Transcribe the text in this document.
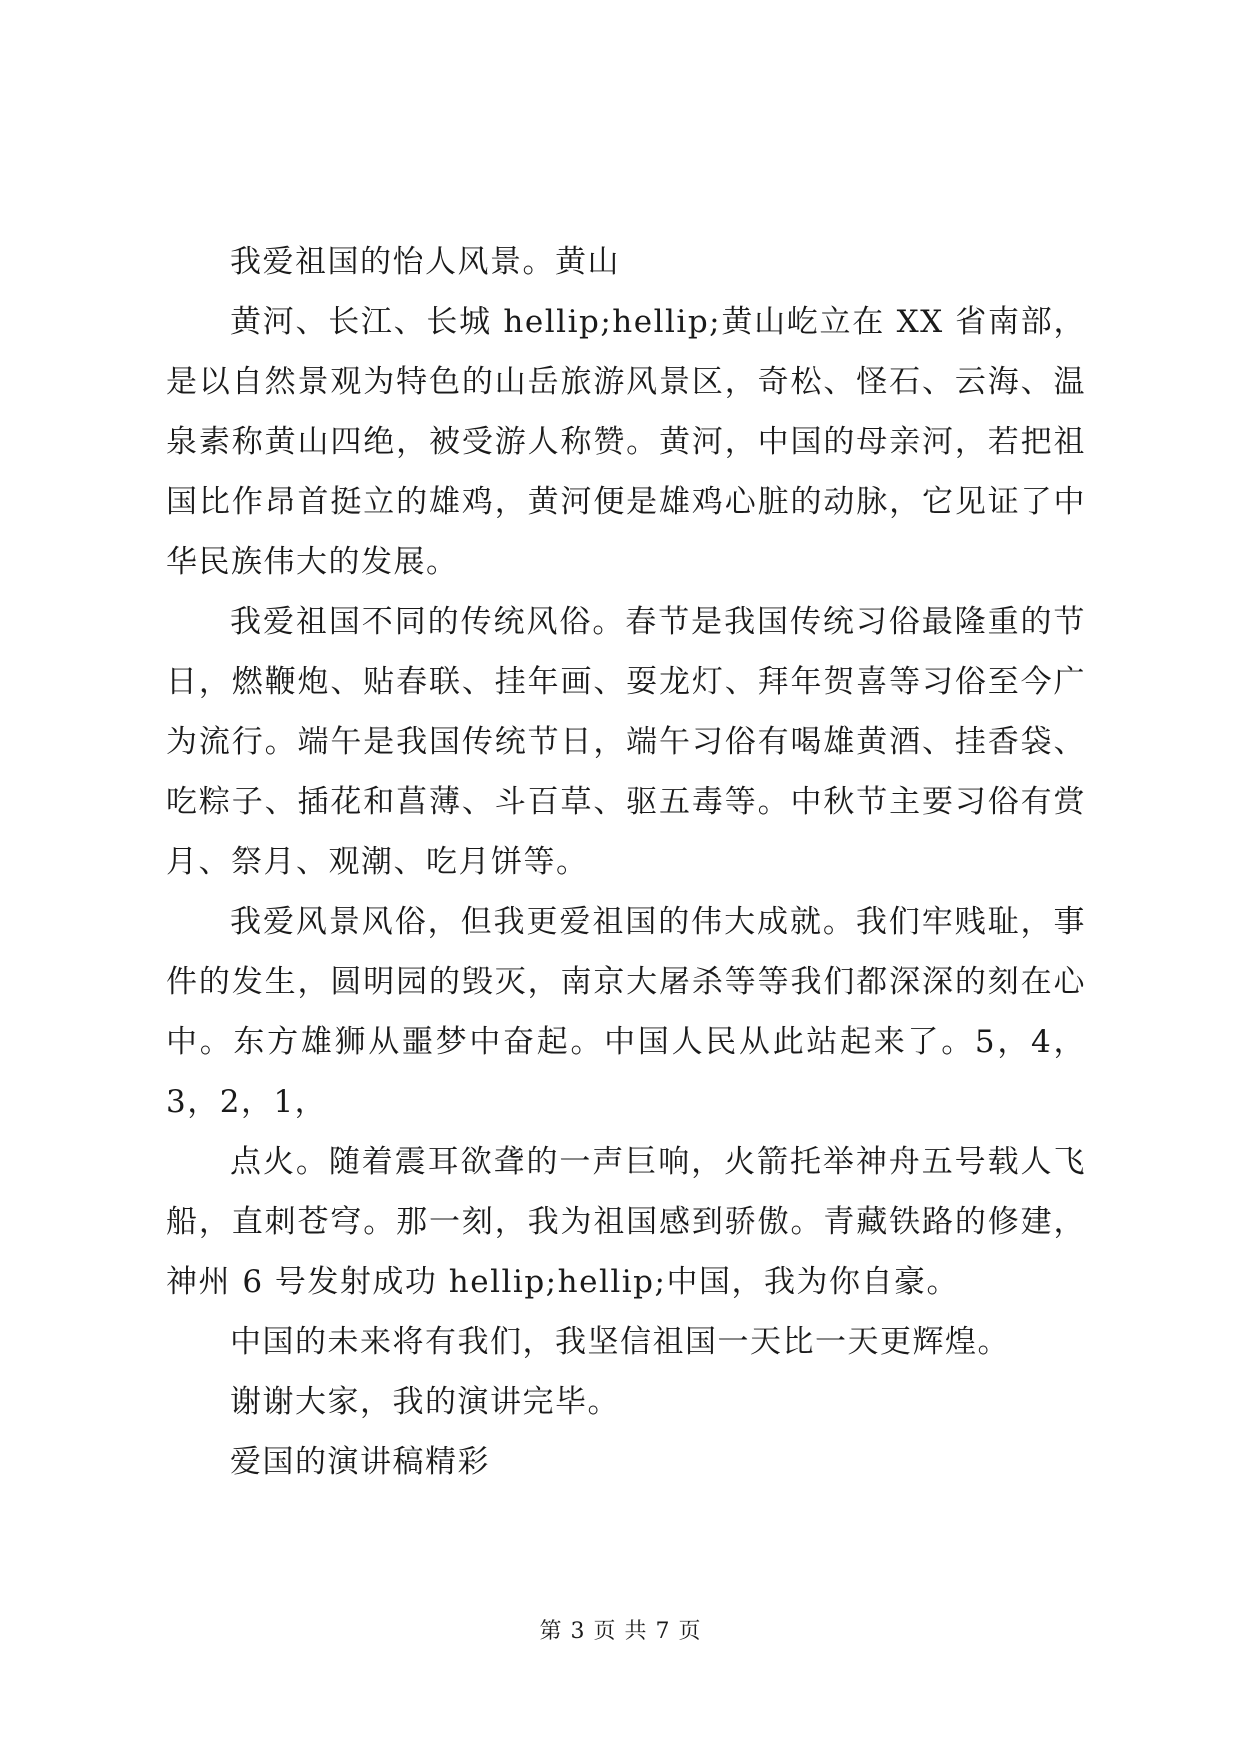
我爱祖国的怡人风景。黄山

黄河、长江、长城 hellip;hellip;黄山屹立在 XX 省南部，是以自然景观为特色的山岳旅游风景区，奇松、怪石、云海、温泉素称黄山四绝，被受游人称赞。黄河，中国的母亲河，若把祖国比作昂首挺立的雄鸡，黄河便是雄鸡心脏的动脉，它见证了中华民族伟大的发展。

我爱祖国不同的传统风俗。春节是我国传统习俗最隆重的节日，燃鞭炮、贴春联、挂年画、耍龙灯、拜年贺喜等习俗至今广为流行。端午是我国传统节日，端午习俗有喝雄黄酒、挂香袋、吃粽子、插花和菖薄、斗百草、驱五毒等。中秋节主要习俗有赏月、祭月、观潮、吃月饼等。

我爱风景风俗，但我更爱祖国的伟大成就。我们牢贱耻，事件的发生，圆明园的毁灭，南京大屠杀等等我们都深深的刻在心中。东方雄狮从噩梦中奋起。中国人民从此站起来了。5，4，3，2，1，

点火。随着震耳欲聋的一声巨响，火箭托举神舟五号载人飞船，直刺苍穹。那一刻，我为祖国感到骄傲。青藏铁路的修建，神州 6 号发射成功 hellip;hellip;中国，我为你自豪。

中国的未来将有我们，我坚信祖国一天比一天更辉煌。

谢谢大家，我的演讲完毕。

爱国的演讲稿精彩

第 3 页 共 7 页
